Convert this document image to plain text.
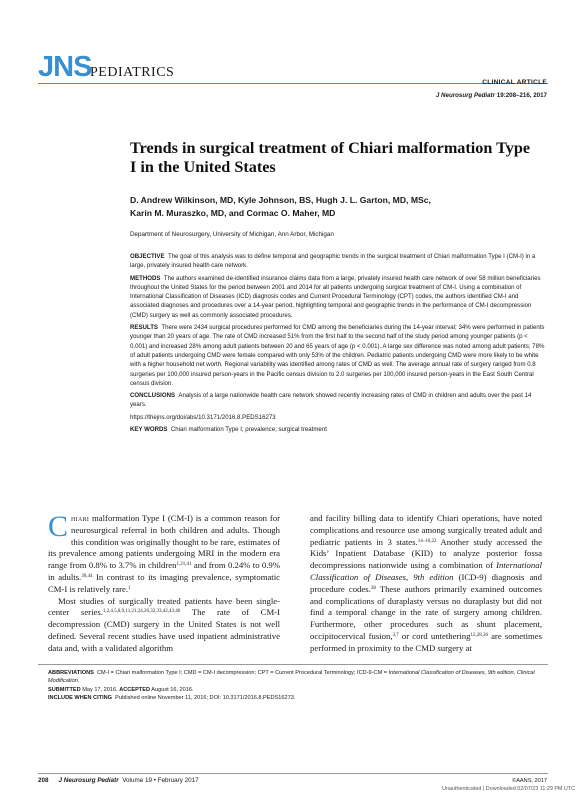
JNS
PEDIATRICS
CLINICAL ARTICLE
J Neurosurg Pediatr 19:208–216, 2017
Trends in surgical treatment of Chiari malformation Type I in the United States
D. Andrew Wilkinson, MD, Kyle Johnson, BS, Hugh J. L. Garton, MD, MSc,
Karin M. Muraszko, MD, and Cormac O. Maher, MD
Department of Neurosurgery, University of Michigan, Ann Arbor, Michigan

OBJECTIVE The goal of this analysis was to define temporal and geographic trends in the surgical treatment of Chiari malformation Type I (CM-I) in a large, privately insured health care network.

METHODS The authors examined de-identified insurance claims data from a large, privately insured health care network of over 58 million beneficiaries throughout the United States for the period between 2001 and 2014 for all patients undergoing surgical treatment of CM-I. Using a combination of International Classification of Diseases (ICD) diagnosis codes and Current Procedural Terminology (CPT) codes, the authors identified CM-I and associated diagnoses and procedures over a 14-year period, highlighting temporal and geographic trends in the performance of CM-I decompression (CMD) surgery as well as commonly associated procedures.

RESULTS There were 2434 surgical procedures performed for CMD among the beneficiaries during the 14-year interval; 34% were performed in patients younger than 20 years of age. The rate of CMD increased 51% from the first half to the second half of the study period among younger patients (p < 0.001) and increased 28% among adult patients between 20 and 65 years of age (p < 0.001). A large sex difference was noted among adult patients; 78% of adult patients undergoing CMD were female compared with only 53% of the children. Pediatric patients undergoing CMD were more likely to be white with a higher household net worth. Regional variability was identified among rates of CMD as well. The average annual rate of surgery ranged from 0.8 surgeries per 100,000 insured person-years in the Pacific census division to 2.0 surgeries per 100,000 insured person-years in the East South Central census division.

CONCLUSIONS Analysis of a large nationwide health care network showed recently increasing rates of CMD in children and adults over the past 14 years.

https://thejns.org/doi/abs/10.3171/2016.8.PEDS16273

KEY WORDS Chiari malformation Type I; prevalence; surgical treatment

Chiari malformation Type I (CM-I) is a common reason for neurosurgical referral in both children and adults. Though this condition was originally thought to be rare, estimates of its prevalence among patients undergoing MRI in the modern era range from 0.8% to 3.7% in children$^{1,21,41}$ and from 0.24% to 0.9% in adults.$^{30,44}$ In contrast to its imaging prevalence, symptomatic CM-I is relatively rare.$^1$

Most studies of surgically treated patients have been single-center series.$^{1,2,4,5,8,9,11,21,24,26,32,33,42,43,46}$ The rate of CM-I decompression (CMD) surgery in the United States is not well defined. Several recent studies have used inpatient administrative data and, with a validated algorithm

and facility billing data to identify Chiari operations, have noted complications and resource use among surgically treated adult and pediatric patients in 3 states.$^{14-16,22}$ Another study accessed the Kids’ Inpatient Database (KID) to analyze posterior fossa decompressions nationwide using a combination of International Classification of Diseases, 9th edition (ICD-9) diagnosis and procedure codes.$^{38}$ These authors primarily examined outcomes and complications of duraplasty versus no duraplasty but did not find a temporal change in the rate of surgery among children. Furthermore, other procedures such as shunt placement, occipitocervical fusion,$^{3,7}$ or cord untethering$^{12,28,36}$ are sometimes performed in proximity to the CMD surgery at

ABBREVIATIONS CM-I = Chiari malformation Type I; CMD = CM-I decompression; CPT = Current Procedural Terminology; ICD-9-CM = International Classification of Diseases, 9th edition, Clinical Modification.

SUBMITTED May 17, 2016. ACCEPTED August 16, 2016.

INCLUDE WHEN CITING Published online November 11, 2016; DOI: 10.3171/2016.8.PEDS16273.

208 J Neurosurg Pediatr Volume 19 • February 2017	©AANS, 2017
Unauthenticated | Downloaded 02/07/23 11:29 PM UTC
